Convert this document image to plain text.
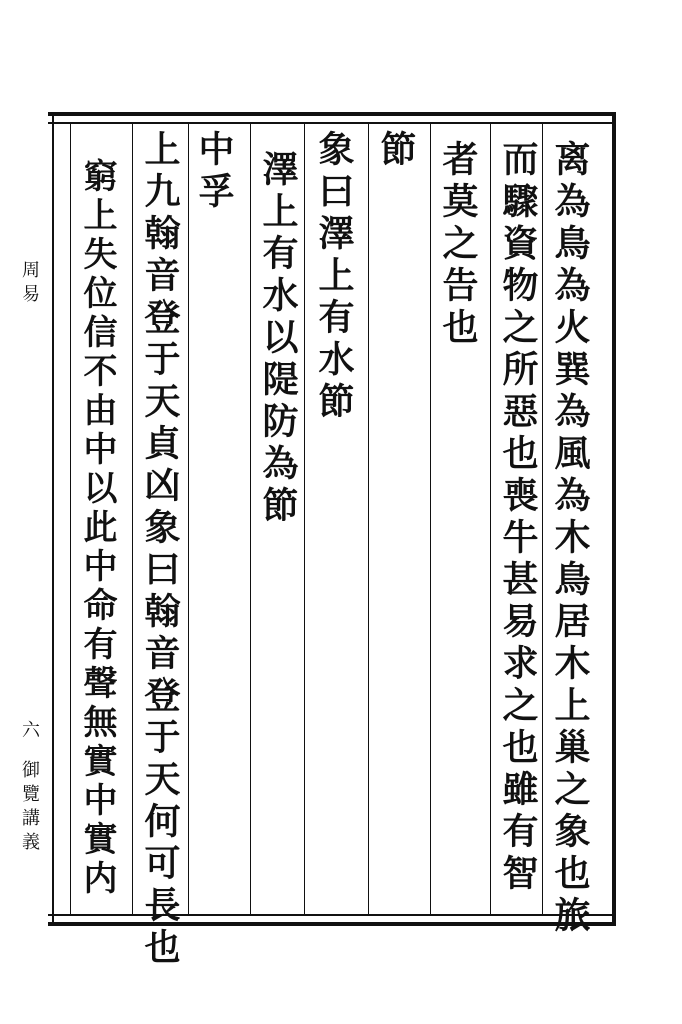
离為鳥為火巽為風為木鳥居木上巢之象也旅
而驟資物之所惡也喪牛甚易求之也雖有智
者莫之告也
節
象曰澤上有水節
澤上有水以隄防為節
中孚
上九翰音登于天貞凶象曰翰音登于天何可長也
窮上失位信不由中以此中命有聲無實中實内
周易
六
御覽講義
